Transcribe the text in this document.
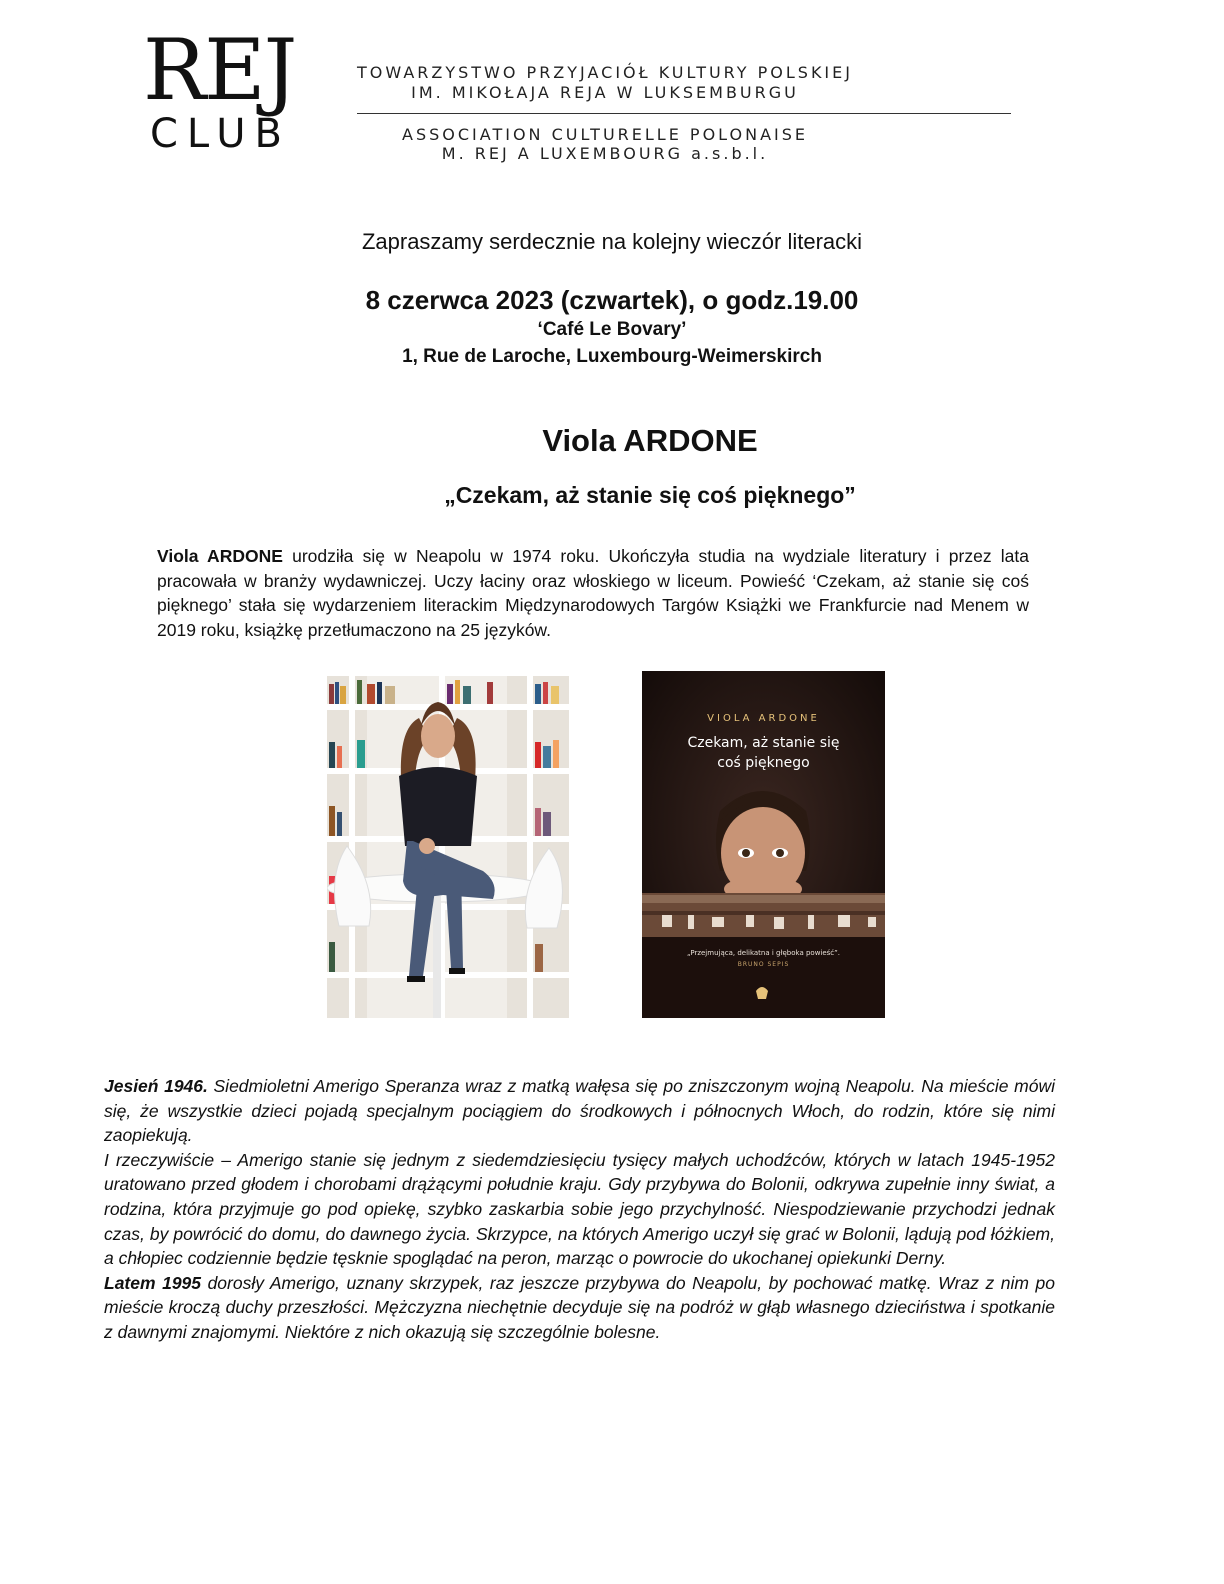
REJ
CLUB
TOWARZYSTWO PRZYJACIÓŁ KULTURY POLSKIEJ
IM. MIKOŁAJA REJA W LUKSEMBURGU
ASSOCIATION CULTURELLE POLONAISE
M. REJ A LUXEMBOURG a.s.b.l.
Zapraszamy serdecznie na kolejny wieczór literacki
8 czerwca 2023 (czwartek), o godz.19.00
‘Café Le Bovary’
1, Rue de Laroche, Luxembourg-Weimerskirch
Viola ARDONE
„Czekam, aż stanie się coś pięknego”

Viola ARDONE urodziła się w Neapolu w 1974 roku. Ukończyła studia na wydziale literatury i przez lata pracowała w branży wydawniczej. Uczy łaciny oraz włoskiego w liceum. Powieść ‘Czekam, aż stanie się coś pięknego’ stała się wydarzeniem literackim Międzynarodowych Targów Książki we Frankfurcie nad Menem w 2019 roku, książkę przetłumaczono na 25 języków.

VIOLA ARDONE
Czekam, aż stanie się
coś pięknego
„Przejmująca, delikatna i głęboka powieść”.
BRUNO SEPIS

Jesień 1946. Siedmioletni Amerigo Speranza wraz z matką wałęsa się po zniszczonym wojną Neapolu. Na mieście mówi się, że wszystkie dzieci pojadą specjalnym pociągiem do środkowych i północnych Włoch, do rodzin, które się nimi zaopiekują.

I rzeczywiście – Amerigo stanie się jednym z siedemdziesięciu tysięcy małych uchodźców, których w latach 1945-1952 uratowano przed głodem i chorobami drążącymi południe kraju. Gdy przybywa do Bolonii, odkrywa zupełnie inny świat, a rodzina, która przyjmuje go pod opiekę, szybko zaskarbia sobie jego przychylność. Niespodziewanie przychodzi jednak czas, by powrócić do domu, do dawnego życia. Skrzypce, na których Amerigo uczył się grać w Bolonii, lądują pod łóżkiem, a chłopiec codziennie będzie tęsknie spoglądać na peron, marząc o powrocie do ukochanej opiekunki Derny.

Latem 1995 dorosły Amerigo, uznany skrzypek, raz jeszcze przybywa do Neapolu, by pochować matkę. Wraz z nim po mieście kroczą duchy przeszłości. Mężczyzna niechętnie decyduje się na podróż w głąb własnego dzieciństwa i spotkanie z dawnymi znajomymi. Niektóre z nich okazują się szczególnie bolesne.
